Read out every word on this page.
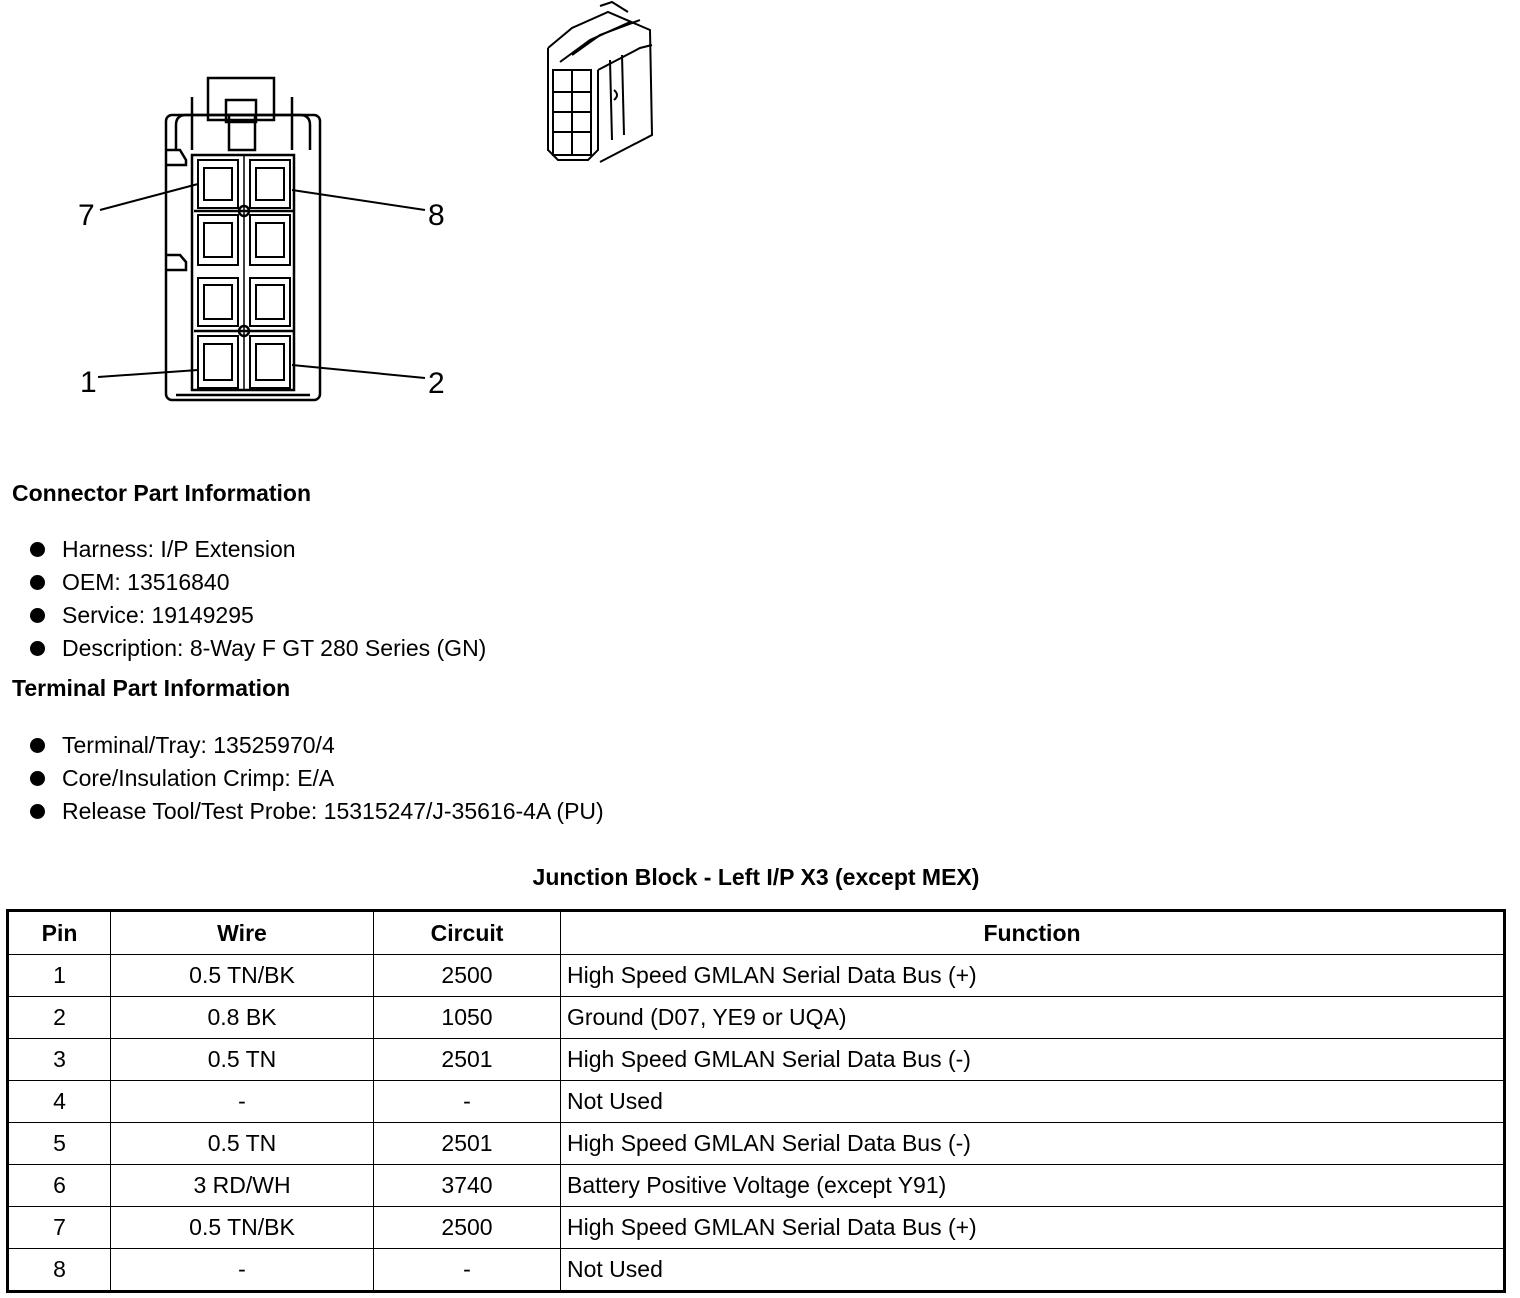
7	8
1	2
Connector Part Information
Harness: I/P Extension
OEM: 13516840
Service: 19149295
Description: 8-Way F GT 280 Series (GN)
Terminal Part Information
Terminal/Tray: 13525970/4
Core/Insulation Crimp: E/A
Release Tool/Test Probe: 15315247/J-35616-4A (PU)
Junction Block - Left I/P X3 (except MEX)
Pin	Wire	Circuit	Function
1	0.5 TN/BK	2500	High Speed GMLAN Serial Data Bus (+)
2	0.8 BK	1050	Ground (D07, YE9 or UQA)
3	0.5 TN	2501	High Speed GMLAN Serial Data Bus (-)
4	-	-	Not Used
5	0.5 TN	2501	High Speed GMLAN Serial Data Bus (-)
6	3 RD/WH	3740	Battery Positive Voltage (except Y91)
7	0.5 TN/BK	2500	High Speed GMLAN Serial Data Bus (+)
8	-	-	Not Used
